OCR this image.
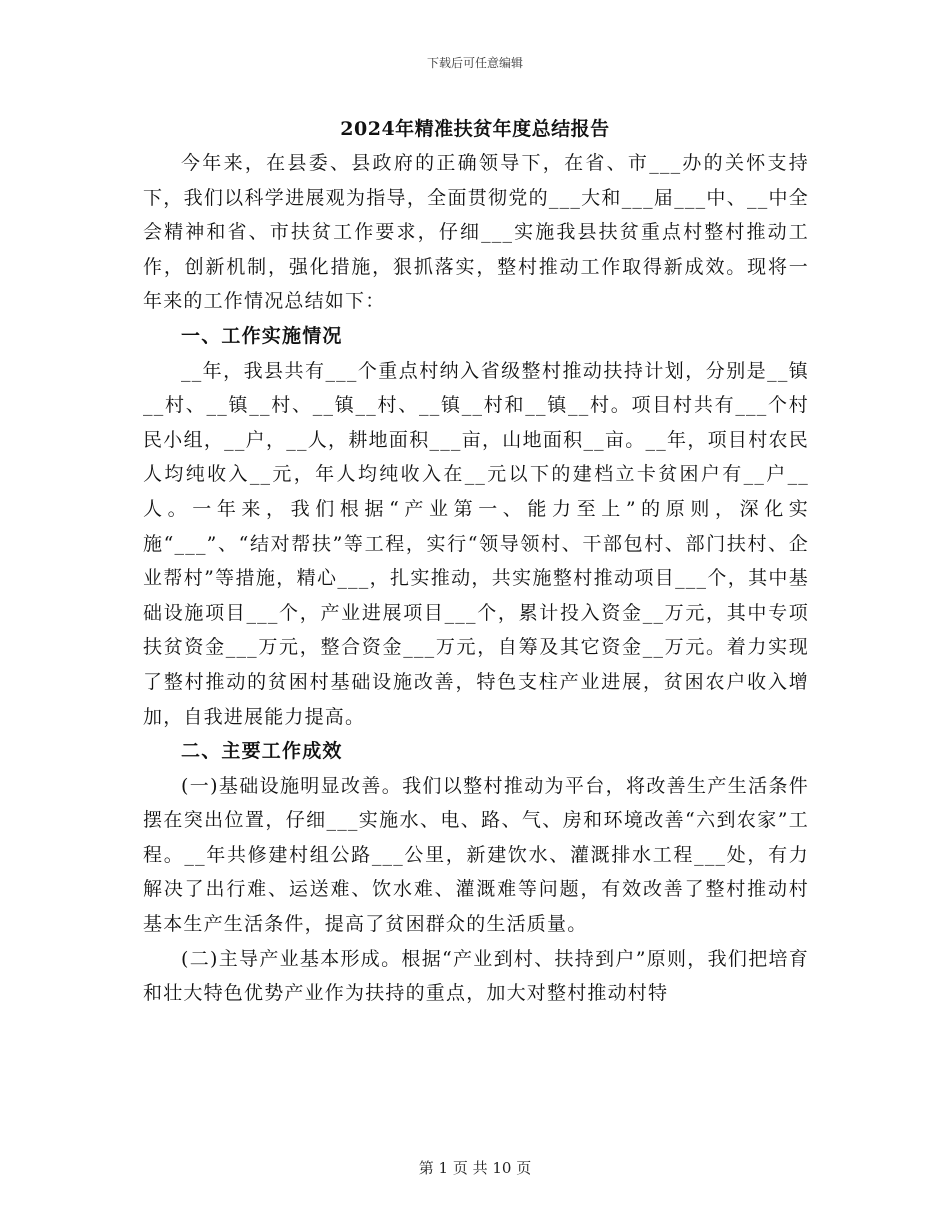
下载后可任意编辑
2024年精准扶贫年度总结报告

今年来，在县委、县政府的正确领导下，在省、市___办的关怀支持下，我们以科学进展观为指导，全面贯彻党的___大和___届___中、__中全会精神和省、市扶贫工作要求，仔细___实施我县扶贫重点村整村推动工作，创新机制，强化措施，狠抓落实，整村推动工作取得新成效。现将一年来的工作情况总结如下：

一、工作实施情况

__年，我县共有___个重点村纳入省级整村推动扶持计划，分别是__镇__村、__镇__村、__镇__村、__镇__村和__镇__村。项目村共有___个村民小组，__户，__人，耕地面积___亩，山地面积__亩。__年，项目村农民人均纯收入__元，年人均纯收入在__元以下的建档立卡贫困户有__户__人。一年来，我们根据“产业第一、能力至上”的原则，深化实施“___”、“结对帮扶”等工程，实行“领导领村、干部包村、部门扶村、企业帮村”等措施，精心___，扎实推动，共实施整村推动项目___个，其中基础设施项目___个，产业进展项目___个，累计投入资金__万元，其中专项扶贫资金___万元，整合资金___万元，自筹及其它资金__万元。着力实现了整村推动的贫困村基础设施改善，特色支柱产业进展，贫困农户收入增加，自我进展能力提高。

二、主要工作成效

(一)基础设施明显改善。我们以整村推动为平台，将改善生产生活条件摆在突出位置，仔细___实施水、电、路、气、房和环境改善“六到农家”工程。__年共修建村组公路___公里，新建饮水、灌溉排水工程___处，有力解决了出行难、运送难、饮水难、灌溉难等问题，有效改善了整村推动村基本生产生活条件，提高了贫困群众的生活质量。

(二)主导产业基本形成。根据“产业到村、扶持到户”原则，我们把培育和壮大特色优势产业作为扶持的重点，加大对整村推动村特

第 1 页 共 10 页
